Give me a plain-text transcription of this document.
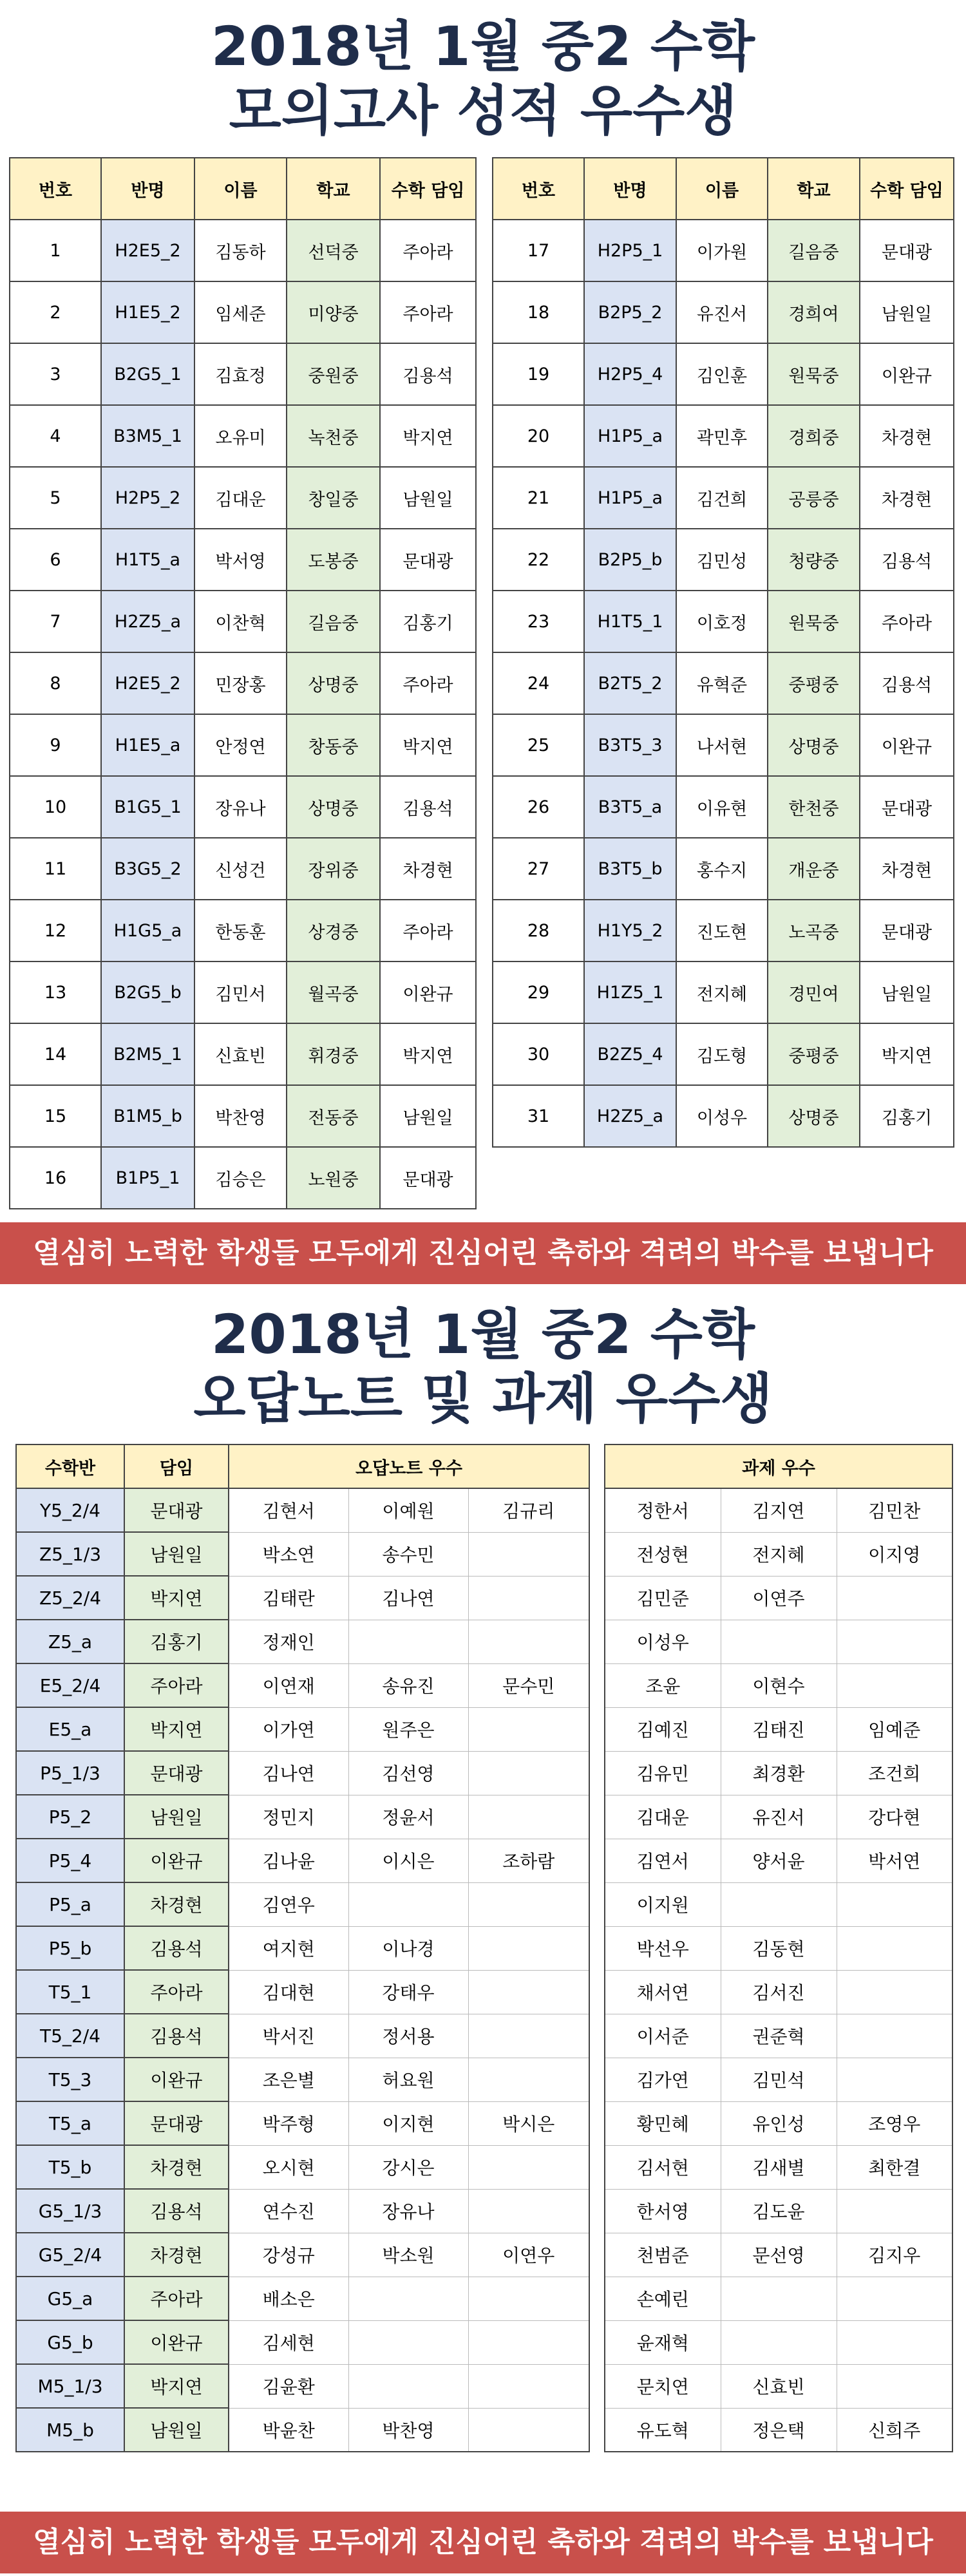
2018년 1월 중2 수학
모의고사 성적 우수생
번호	반명	이름	학교	수학 담임
1	H2E5_2	김동하	선덕중	주아라
2	H1E5_2	임세준	미양중	주아라
3	B2G5_1	김효정	중원중	김용석
4	B3M5_1	오유미	녹천중	박지연
5	H2P5_2	김대운	창일중	남원일
6	H1T5_a	박서영	도봉중	문대광
7	H2Z5_a	이찬혁	길음중	김홍기
8	H2E5_2	민장홍	상명중	주아라
9	H1E5_a	안정연	창동중	박지연
10	B1G5_1	장유나	상명중	김용석
11	B3G5_2	신성건	장위중	차경현
12	H1G5_a	한동훈	상경중	주아라
13	B2G5_b	김민서	월곡중	이완규
14	B2M5_1	신효빈	휘경중	박지연
15	B1M5_b	박찬영	전동중	남원일
16	B1P5_1	김승은	노원중	문대광
번호	반명	이름	학교	수학 담임
17	H2P5_1	이가원	길음중	문대광
18	B2P5_2	유진서	경희여	남원일
19	H2P5_4	김인훈	원묵중	이완규
20	H1P5_a	곽민후	경희중	차경현
21	H1P5_a	김건희	공릉중	차경현
22	B2P5_b	김민성	청량중	김용석
23	H1T5_1	이호정	원묵중	주아라
24	B2T5_2	유혁준	중평중	김용석
25	B3T5_3	나서현	상명중	이완규
26	B3T5_a	이유현	한천중	문대광
27	B3T5_b	홍수지	개운중	차경현
28	H1Y5_2	진도현	노곡중	문대광
29	H1Z5_1	전지혜	경민여	남원일
30	B2Z5_4	김도형	중평중	박지연
31	H2Z5_a	이성우	상명중	김홍기
열심히 노력한 학생들 모두에게 진심어린 축하와 격려의 박수를 보냅니다
2018년 1월 중2 수학
오답노트 및 과제 우수생
수학반	담임	오답노트 우수		
Y5_2/4	문대광	김현서	이예원	김규리
Z5_1/3	남원일	박소연	송수민	
Z5_2/4	박지연	김태란	김나연	
Z5_a	김홍기	정재인		
E5_2/4	주아라	이연재	송유진	문수민
E5_a	박지연	이가연	원주은	
P5_1/3	문대광	김나연	김선영	
P5_2	남원일	정민지	정윤서	
P5_4	이완규	김나윤	이시은	조하람
P5_a	차경현	김연우		
P5_b	김용석	여지현	이나경	
T5_1	주아라	김대현	강태우	
T5_2/4	김용석	박서진	정서용	
T5_3	이완규	조은별	허요원	
T5_a	문대광	박주형	이지현	박시은
T5_b	차경현	오시현	강시은	
G5_1/3	김용석	연수진	장유나	
G5_2/4	차경현	강성규	박소원	이연우
G5_a	주아라	배소은		
G5_b	이완규	김세현		
M5_1/3	박지연	김윤환		
M5_b	남원일	박윤찬	박찬영	
과제 우수		
정한서	김지연	김민찬
전성현	전지혜	이지영
김민준	이연주	
이성우		
조윤	이현수	
김예진	김태진	임예준
김유민	최경환	조건희
김대운	유진서	강다현
김연서	양서윤	박서연
이지원		
박선우	김동현	
채서연	김서진	
이서준	권준혁	
김가연	김민석	
황민혜	유인성	조영우
김서현	김새별	최한결
한서영	김도윤	
천범준	문선영	김지우
손예린		
윤재혁		
문치연	신효빈	
유도혁	정은택	신희주
열심히 노력한 학생들 모두에게 진심어린 축하와 격려의 박수를 보냅니다
